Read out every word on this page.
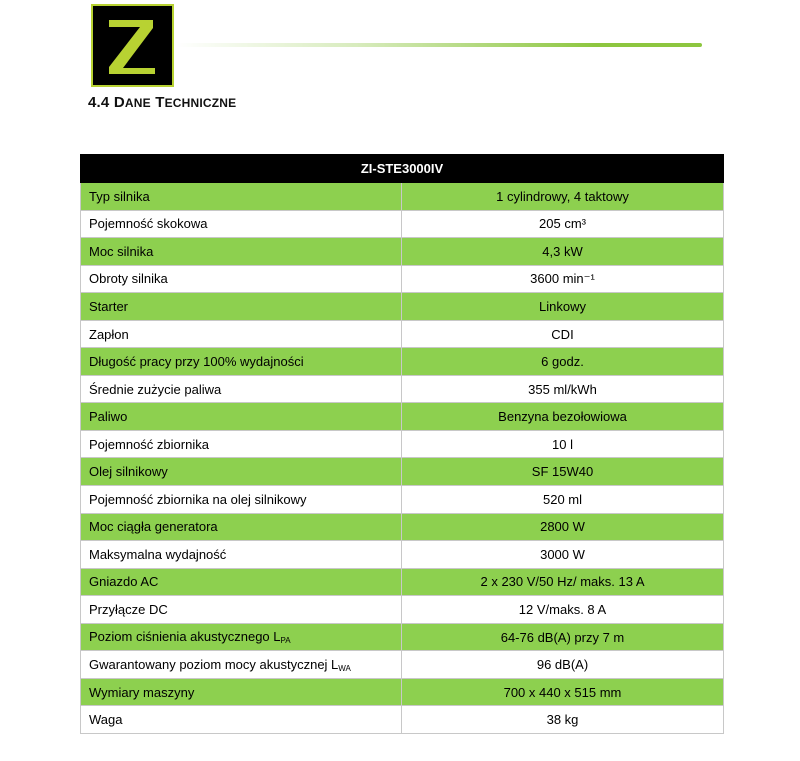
4.4 DANE TECHNICZNE
ZI-STE3000IV	
Typ silnika	1 cylindrowy, 4 taktowy
Pojemność skokowa	205 cm³
Moc silnika	4,3 kW
Obroty silnika	3600 min⁻¹
Starter	Linkowy
Zapłon	CDI
Długość pracy przy 100% wydajności	6 godz.
Średnie zużycie paliwa	355 ml/kWh
Paliwo	Benzyna bezołowiowa
Pojemność zbiornika	10 l
Olej silnikowy	SF 15W40
Pojemność zbiornika na olej silnikowy	520 ml
Moc ciągła generatora	2800 W
Maksymalna wydajność	3000 W
Gniazdo AC	2 x 230 V/50 Hz/ maks. 13 A
Przyłącze DC	12 V/maks. 8 A
Poziom ciśnienia akustycznego $L_{PA}$	64-76 dB(A) przy 7 m
Gwarantowany poziom mocy akustycznej $L_{WA}$	96 dB(A)
Wymiary maszyny	700 x 440 x 515 mm
Waga	38 kg
